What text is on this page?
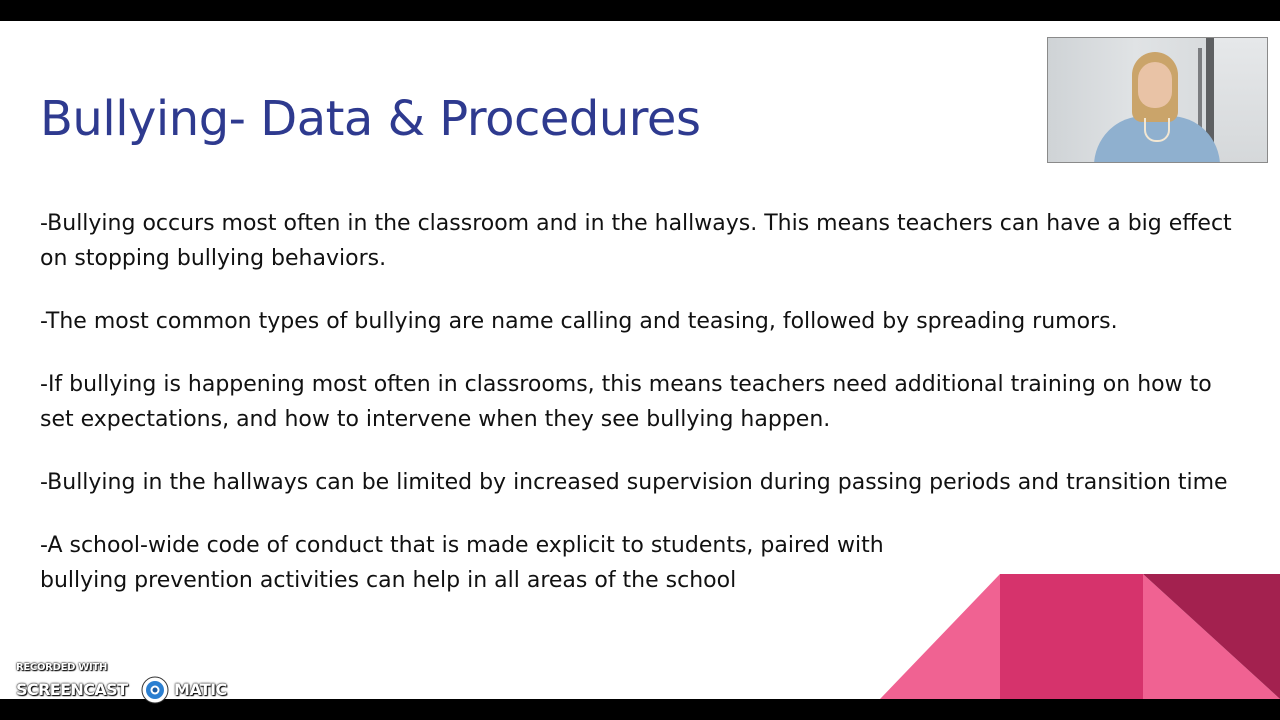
Bullying- Data & Procedures
-Bullying occurs most often in the classroom and in the hallways. This means teachers can have a big effect on stopping bullying behaviors.
-The most common types of bullying are name calling and teasing, followed by spreading rumors.
-If bullying is happening most often in classrooms, this means teachers need additional training on how to set expectations, and how to intervene when they see bullying happen.
-Bullying in the hallways can be limited by increased supervision during passing periods and transition time
-A school-wide code of conduct that is made explicit to students, paired with bullying prevention activities can help in all areas of the school
RECORDED WITH
SCREENCAST	MATIC
